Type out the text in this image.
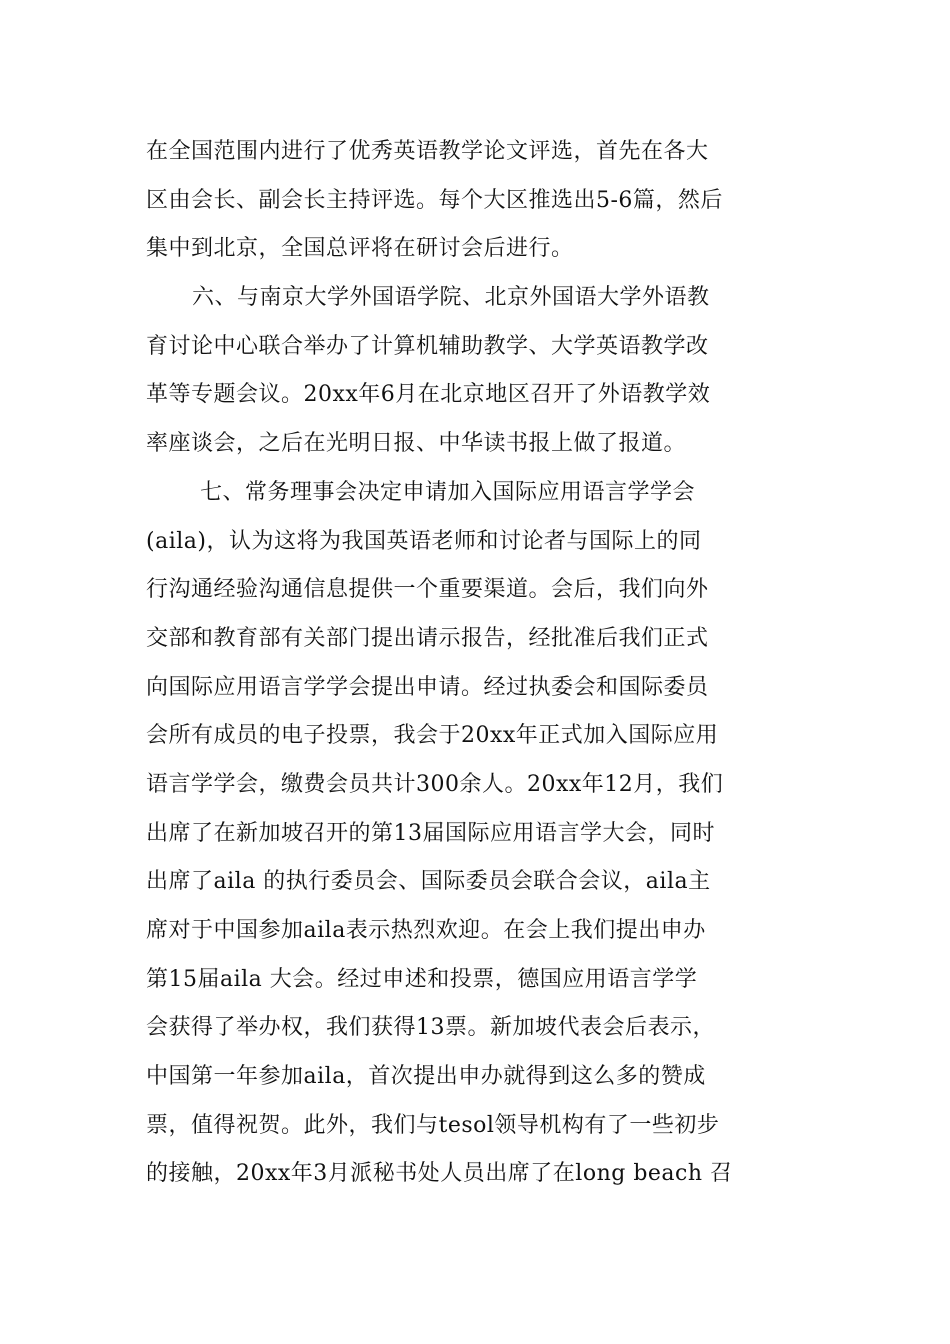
在全国范围内进行了优秀英语教学论文评选，首先在各大
区由会长、副会长主持评选。每个大区推选出5-6篇，然后
集中到北京，全国总评将在研讨会后进行。
六、与南京大学外国语学院、北京外国语大学外语教
育讨论中心联合举办了计算机辅助教学、大学英语教学改
革等专题会议。20xx年6月在北京地区召开了外语教学效
率座谈会，之后在光明日报、中华读书报上做了报道。
七、常务理事会决定申请加入国际应用语言学学会
(aila)，认为这将为我国英语老师和讨论者与国际上的同
行沟通经验沟通信息提供一个重要渠道。会后，我们向外
交部和教育部有关部门提出请示报告，经批准后我们正式
向国际应用语言学学会提出申请。经过执委会和国际委员
会所有成员的电子投票，我会于20xx年正式加入国际应用
语言学学会，缴费会员共计300余人。20xx年12月，我们
出席了在新加坡召开的第13届国际应用语言学大会，同时
出席了aila 的执行委员会、国际委员会联合会议，aila主
席对于中国参加aila表示热烈欢迎。在会上我们提出申办
第15届aila 大会。经过申述和投票，德国应用语言学学
会获得了举办权，我们获得13票。新加坡代表会后表示，
中国第一年参加aila，首次提出申办就得到这么多的赞成
票，值得祝贺。此外，我们与tesol领导机构有了一些初步
的接触，20xx年3月派秘书处人员出席了在long beach 召
